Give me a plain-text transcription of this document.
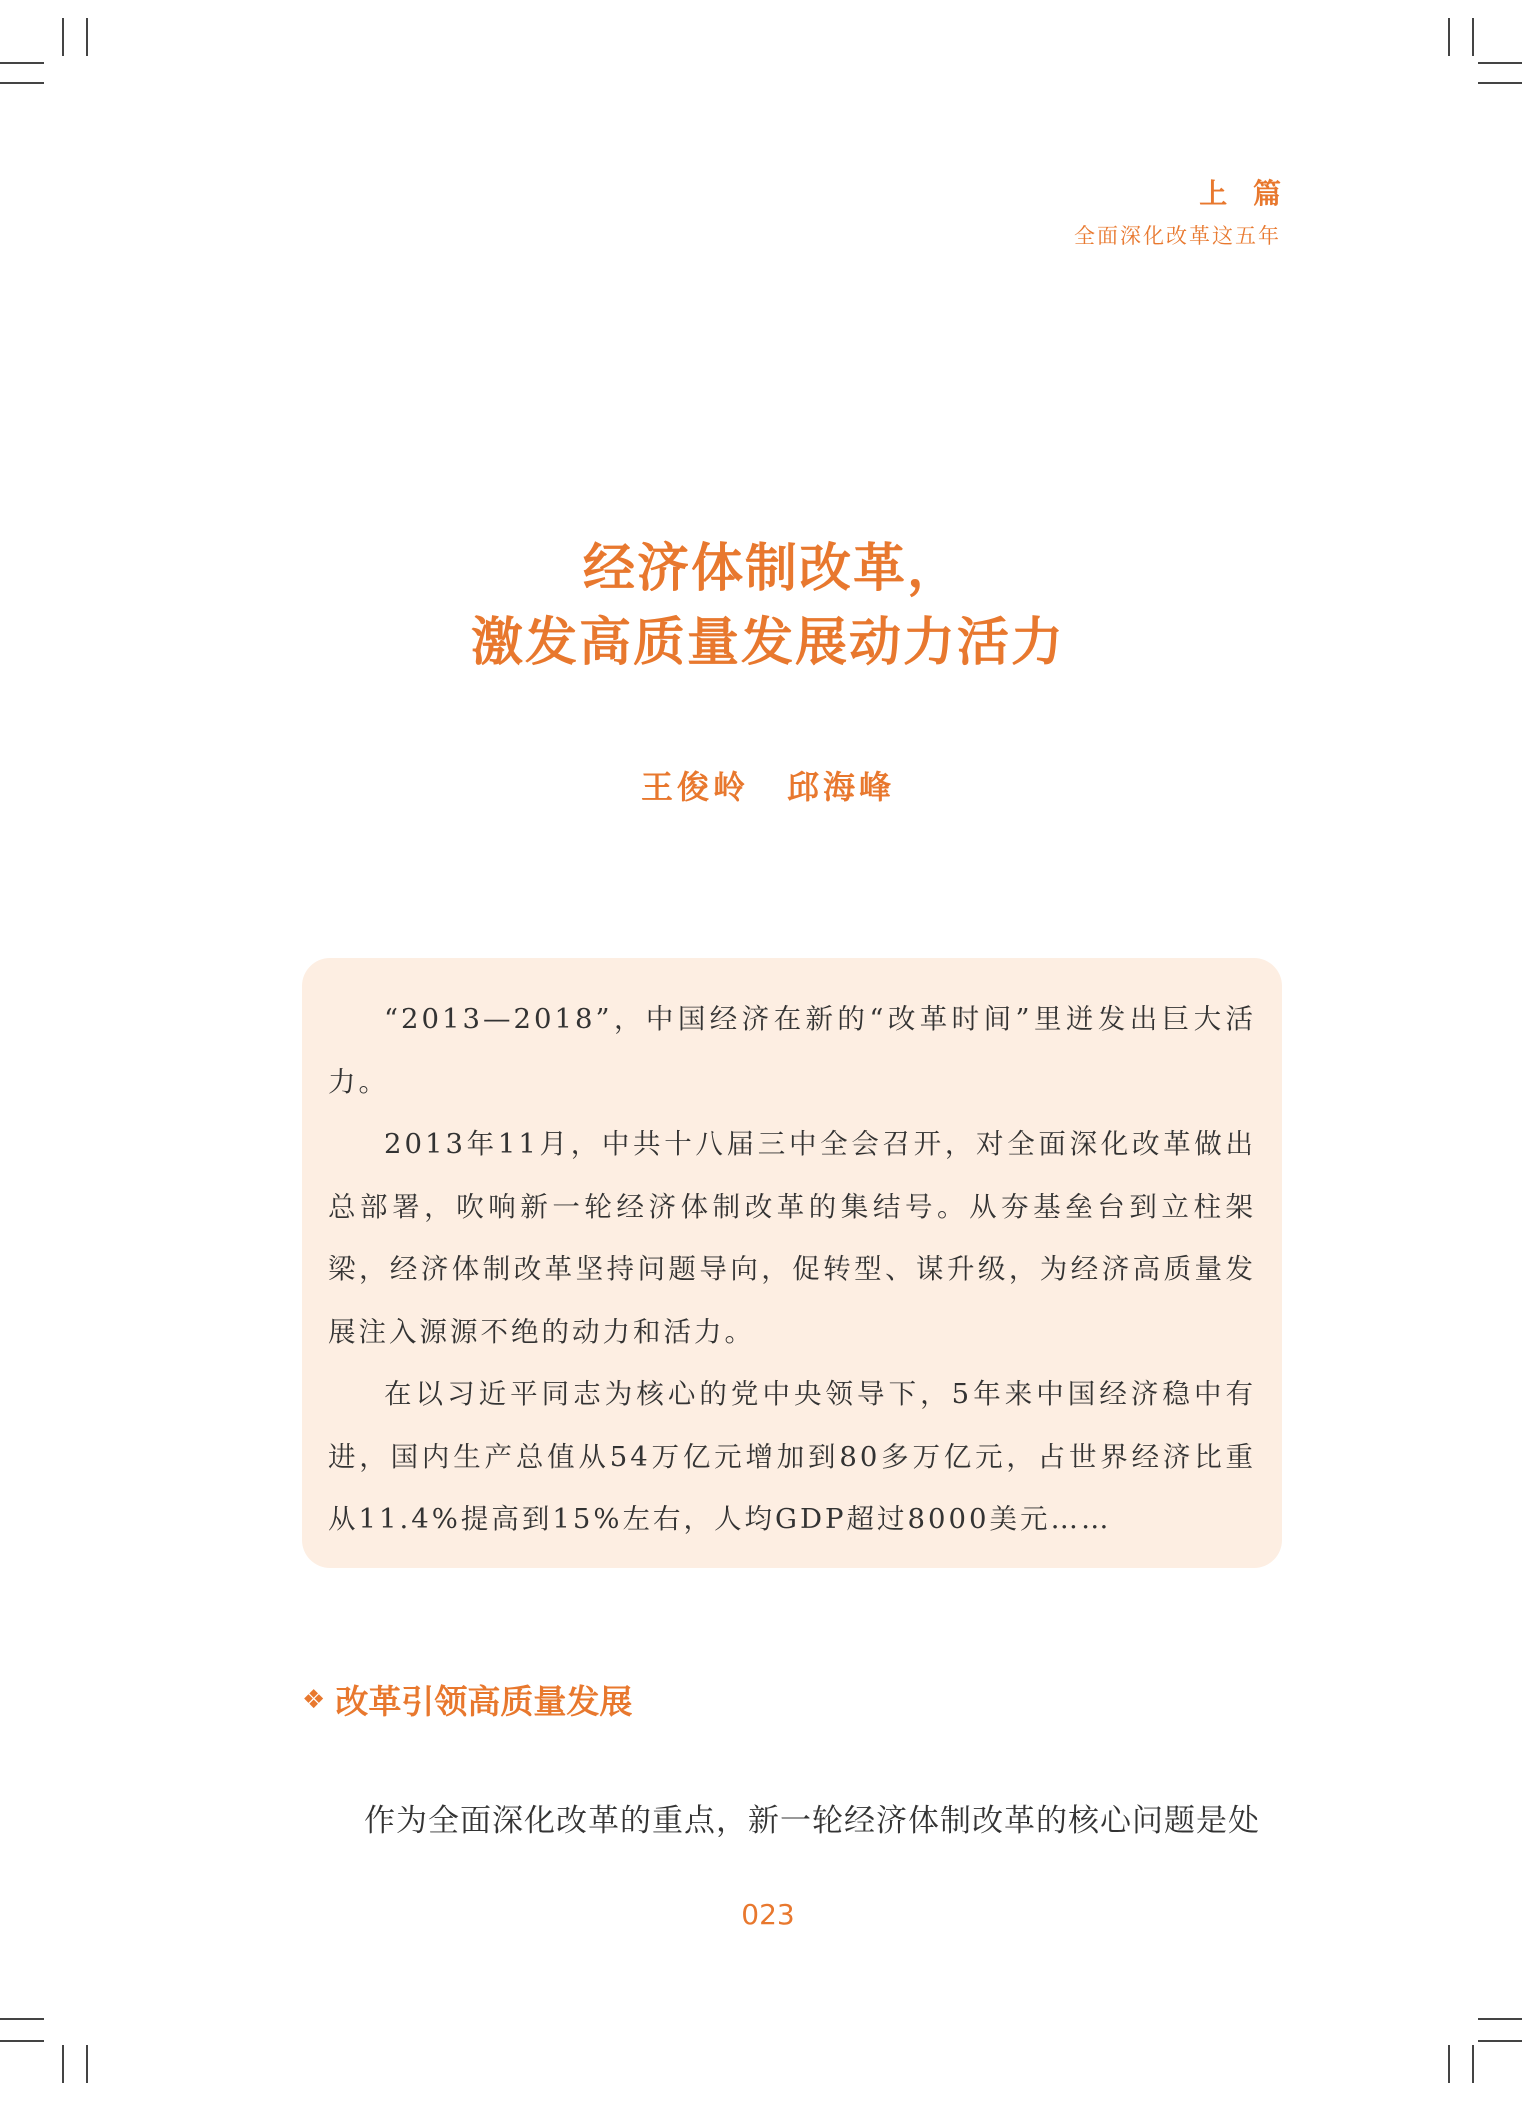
上 篇
全面深化改革这五年
经济体制改革，
激发高质量发展动力活力
王俊岭 邱海峰

“2013—2018”，中国经济在新的“改革时间”里迸发出巨大活力。

2013年11月，中共十八届三中全会召开，对全面深化改革做出总部署，吹响新一轮经济体制改革的集结号。从夯基垒台到立柱架梁，经济体制改革坚持问题导向，促转型、谋升级，为经济高质量发展注入源源不绝的动力和活力。

在以习近平同志为核心的党中央领导下，5年来中国经济稳中有进，国内生产总值从54万亿元增加到80多万亿元，占世界经济比重从11.4%提高到15%左右，人均GDP超过8000美元……

❖ 改革引领高质量发展
作为全面深化改革的重点，新一轮经济体制改革的核心问题是处
023
